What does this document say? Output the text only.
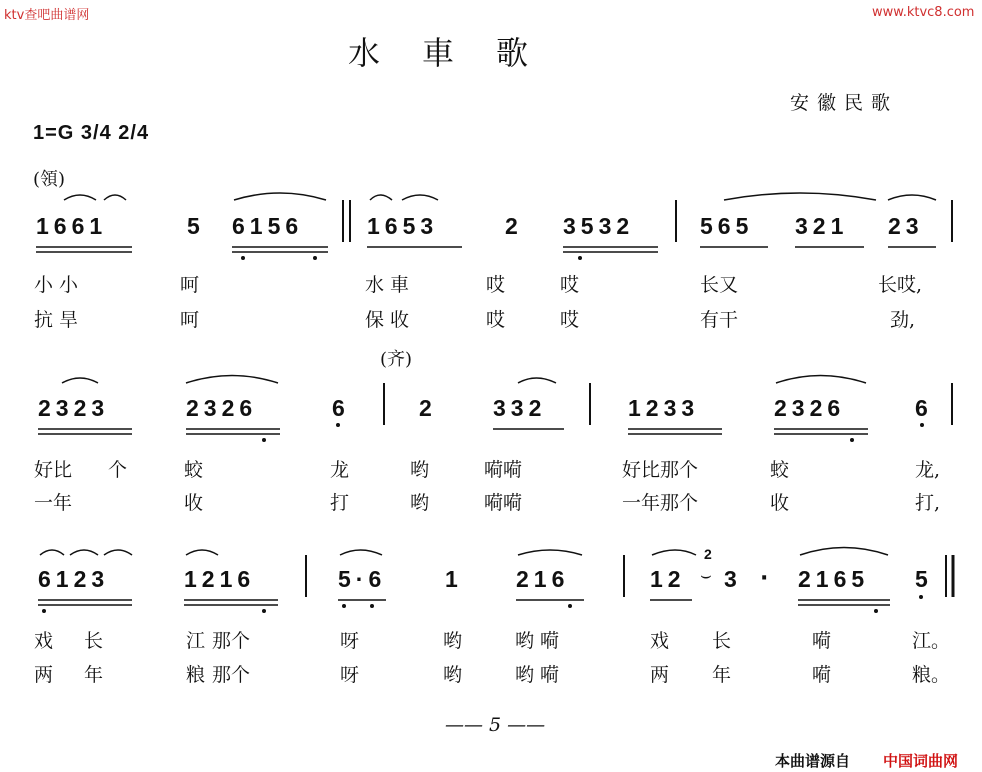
ktv查吧曲谱网	www.ktvc8.com
水車歌
安徽民歌
1=G 3/4 2/4
(領)
(齐)
1661	5 6156	1653	2 3532	565 321 23
小 小	呵	水 車	哎	哎	长又	长哎,
抗 旱	呵	保 收	哎	哎	有干	劲,
2323	2326	6	2 332	1233	2326	6
好比 个	蛟	龙	哟	嗬嗬	好比那个	蛟	龙,
一年	收	打	哟	嗬嗬	一年那个	收	打,
6123	1216	5·6	1 216	12 3 2165 5
2
⌣ ·
戏 长	江 那个	呀	哟	哟 嗬	戏 长	嗬	江。
两 年	粮 那个	呀	哟	哟 嗬	两 年	嗬	粮。
—— 5 ——
本曲谱源自 中国词曲网
